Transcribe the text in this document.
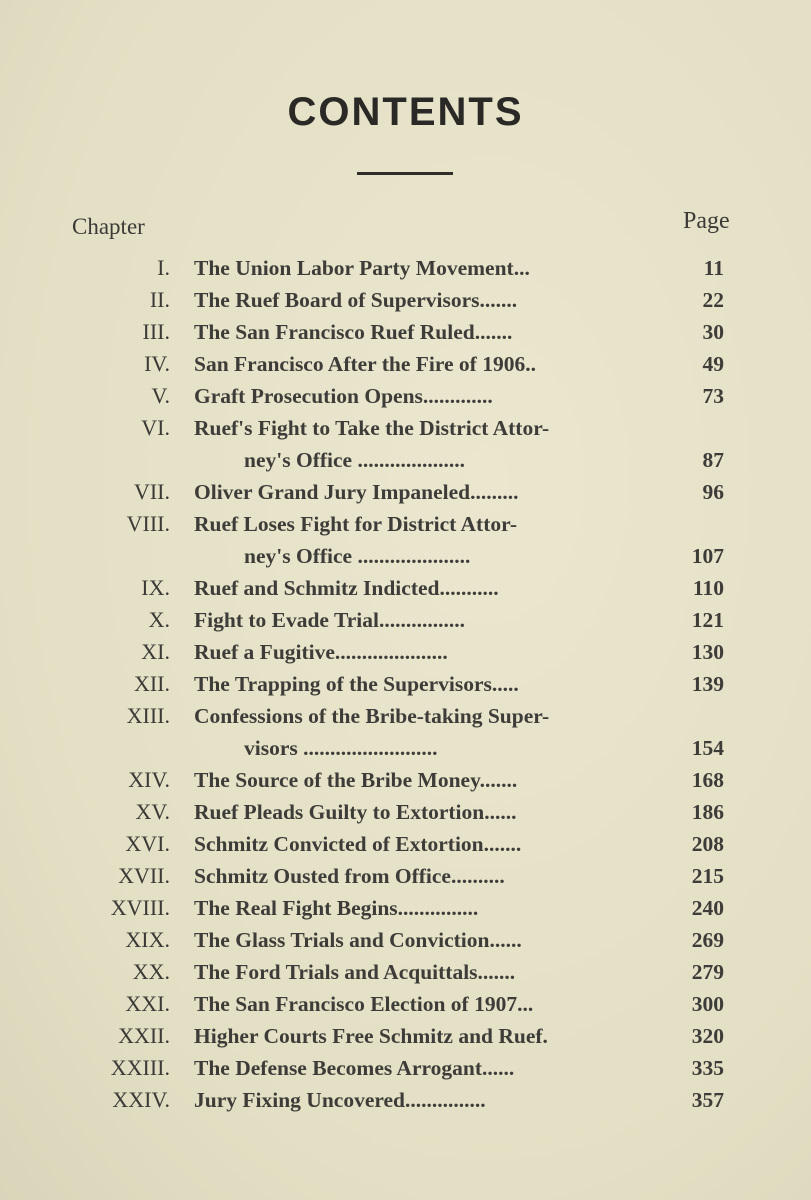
CONTENTS
Chapter	Page
I.	The Union Labor Party Movement...	11
II.	The Ruef Board of Supervisors.......	22
III.	The San Francisco Ruef Ruled.......	30
IV.	San Francisco After the Fire of 1906..	49
V.	Graft Prosecution Opens.............	73
VI.	Ruef's Fight to Take the District Attor-
ney's Office ....................	87
VII.	Oliver Grand Jury Impaneled.........	96
VIII.	Ruef Loses Fight for District Attor-
ney's Office .....................	107
IX.	Ruef and Schmitz Indicted...........	110
X.	Fight to Evade Trial................	121
XI.	Ruef a Fugitive.....................	130
XII.	The Trapping of the Supervisors.....	139
XIII.	Confessions of the Bribe-taking Super-
visors .........................	154
XIV.	The Source of the Bribe Money.......	168
XV.	Ruef Pleads Guilty to Extortion......	186
XVI.	Schmitz Convicted of Extortion.......	208
XVII.	Schmitz Ousted from Office..........	215
XVIII.	The Real Fight Begins...............	240
XIX.	The Glass Trials and Conviction......	269
XX.	The Ford Trials and Acquittals.......	279
XXI.	The San Francisco Election of 1907...	300
XXII.	Higher Courts Free Schmitz and Ruef.	320
XXIII.	The Defense Becomes Arrogant......	335
XXIV.	Jury Fixing Uncovered...............	357
